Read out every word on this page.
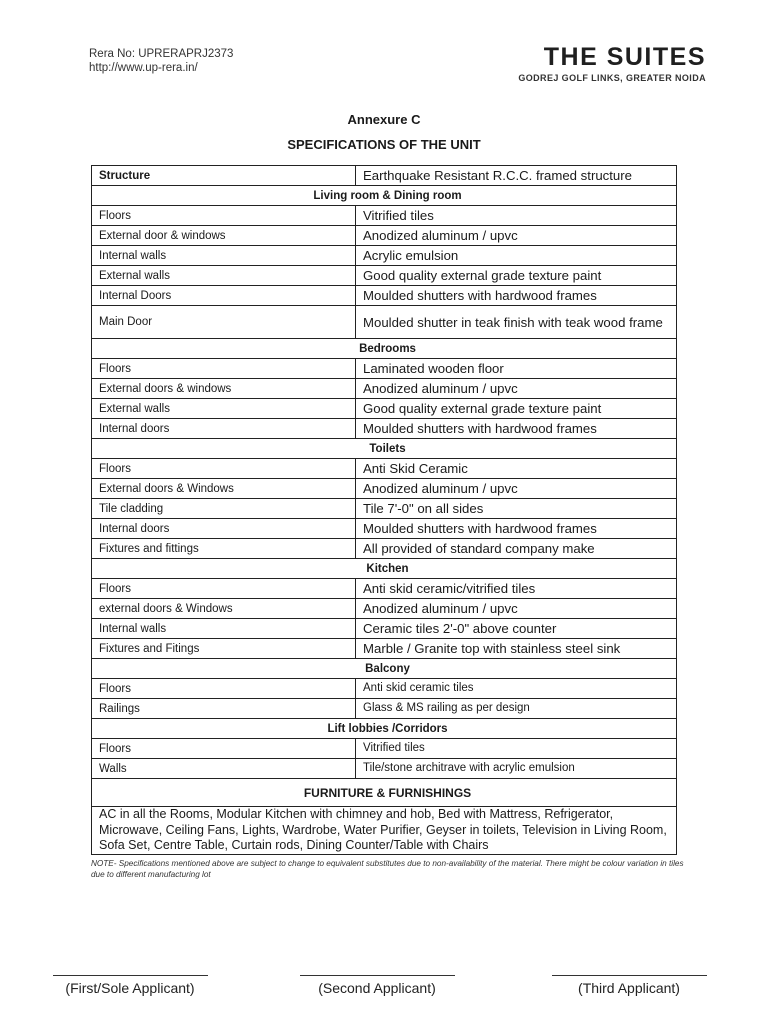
Rera No: UPRERAPRJ2373
http://www.up-rera.in/	THE SUITES
GODREJ GOLF LINKS, GREATER NOIDA
Annexure C
SPECIFICATIONS OF THE UNIT
Structure	Earthquake Resistant R.C.C. framed structure
Living room & Dining room	
Floors	Vitrified tiles
External door & windows	Anodized aluminum / upvc
Internal walls	Acrylic emulsion
External walls	Good quality external grade texture paint
Internal Doors	Moulded shutters with hardwood frames
Main Door	Moulded shutter in teak finish with teak wood frame
Bedrooms	
Floors	Laminated wooden floor
External doors & windows	Anodized aluminum / upvc
External walls	Good quality external grade texture paint
Internal doors	Moulded shutters with hardwood frames
Toilets	
Floors	Anti Skid Ceramic
External doors & Windows	Anodized aluminum / upvc
Tile cladding	Tile 7'-0" on all sides
Internal doors	Moulded shutters with hardwood frames
Fixtures and fittings	All provided of standard company make
Kitchen	
Floors	Anti skid ceramic/vitrified tiles
external doors & Windows	Anodized aluminum / upvc
Internal walls	Ceramic tiles 2'-0" above counter
Fixtures and Fitings	Marble / Granite top with stainless steel sink
Balcony	
Floors	Anti skid ceramic tiles
Railings	Glass & MS railing as per design
Lift lobbies /Corridors	
Floors	Vitrified tiles
Walls	Tile/stone architrave with acrylic emulsion
FURNITURE & FURNISHINGS	
AC in all the Rooms, Modular Kitchen with chimney and hob, Bed with Mattress, Refrigerator, Microwave, Ceiling Fans, Lights, Wardrobe, Water Purifier, Geyser in toilets, Television in Living Room, Sofa Set, Centre Table, Curtain rods, Dining Counter/Table with Chairs	
NOTE- Specifications mentioned above are subject to change to equivalent substitutes due to non-availability of the material. There might be colour variation in tiles due to different manufacturing lot
(First/Sole Applicant)	(Second Applicant)	(Third Applicant)
